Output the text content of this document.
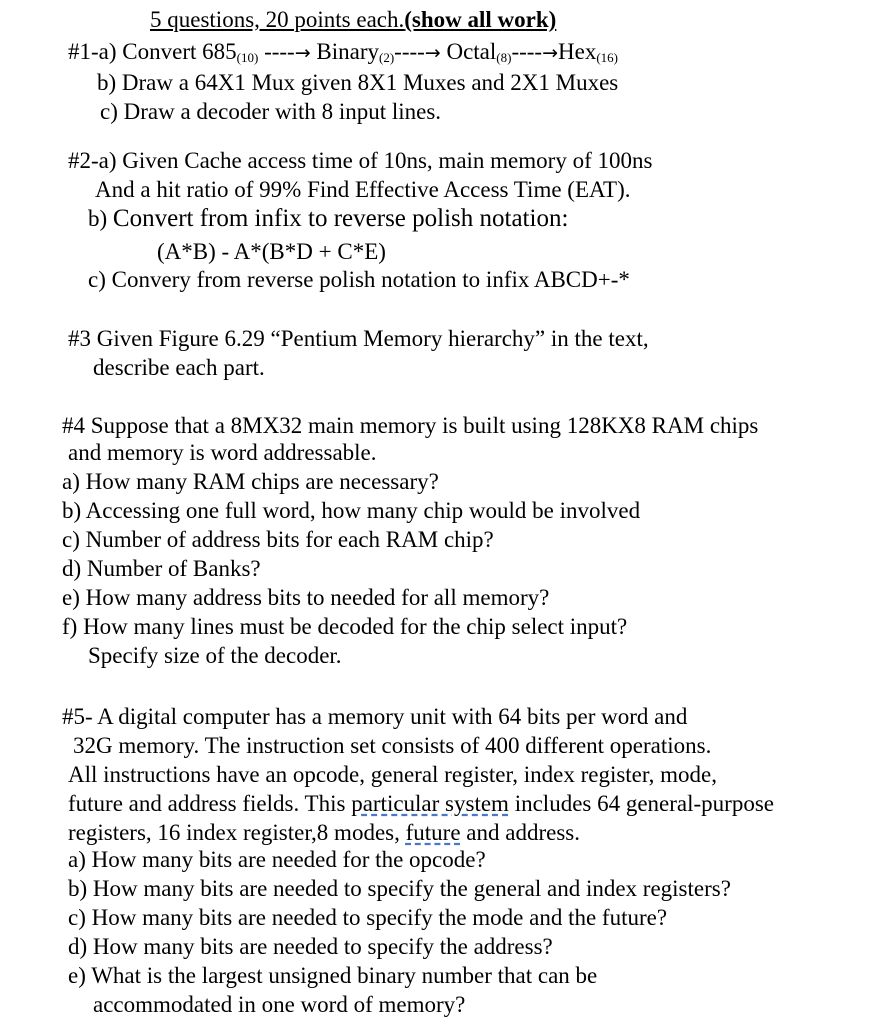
5 questions, 20 points each.(show all work)
#1-a) Convert $685_{(10)}$ ----→ Binary$_{(2)}$----→ Octal$_{(8)}$----→Hex$_{(16)}$
b) Draw a 64X1 Mux given 8X1 Muxes and 2X1 Muxes
c) Draw a decoder with 8 input lines.
#2-a) Given Cache access time of 10ns, main memory of 100ns
And a hit ratio of 99% Find Effective Access Time (EAT).
b) Convert from infix to reverse polish notation:
(A*B) - A*(B*D + C*E)
c) Convery from reverse polish notation to infix ABCD+-*
#3 Given Figure 6.29 “Pentium Memory hierarchy” in the text,
describe each part.
#4 Suppose that a 8MX32 main memory is built using 128KX8 RAM chips
and memory is word addressable.
a) How many RAM chips are necessary?
b) Accessing one full word, how many chip would be involved
c) Number of address bits for each RAM chip?
d) Number of Banks?
e) How many address bits to needed for all memory?
f) How many lines must be decoded for the chip select input?
Specify size of the decoder.
#5- A digital computer has a memory unit with 64 bits per word and
32G memory. The instruction set consists of 400 different operations.
All instructions have an opcode, general register, index register, mode,
future and address fields. This particular system includes 64 general-purpose
registers, 16 index register,8 modes, future and address.
a) How many bits are needed for the opcode?
b) How many bits are needed to specify the general and index registers?
c) How many bits are needed to specify the mode and the future?
d) How many bits are needed to specify the address?
e) What is the largest unsigned binary number that can be
accommodated in one word of memory?
